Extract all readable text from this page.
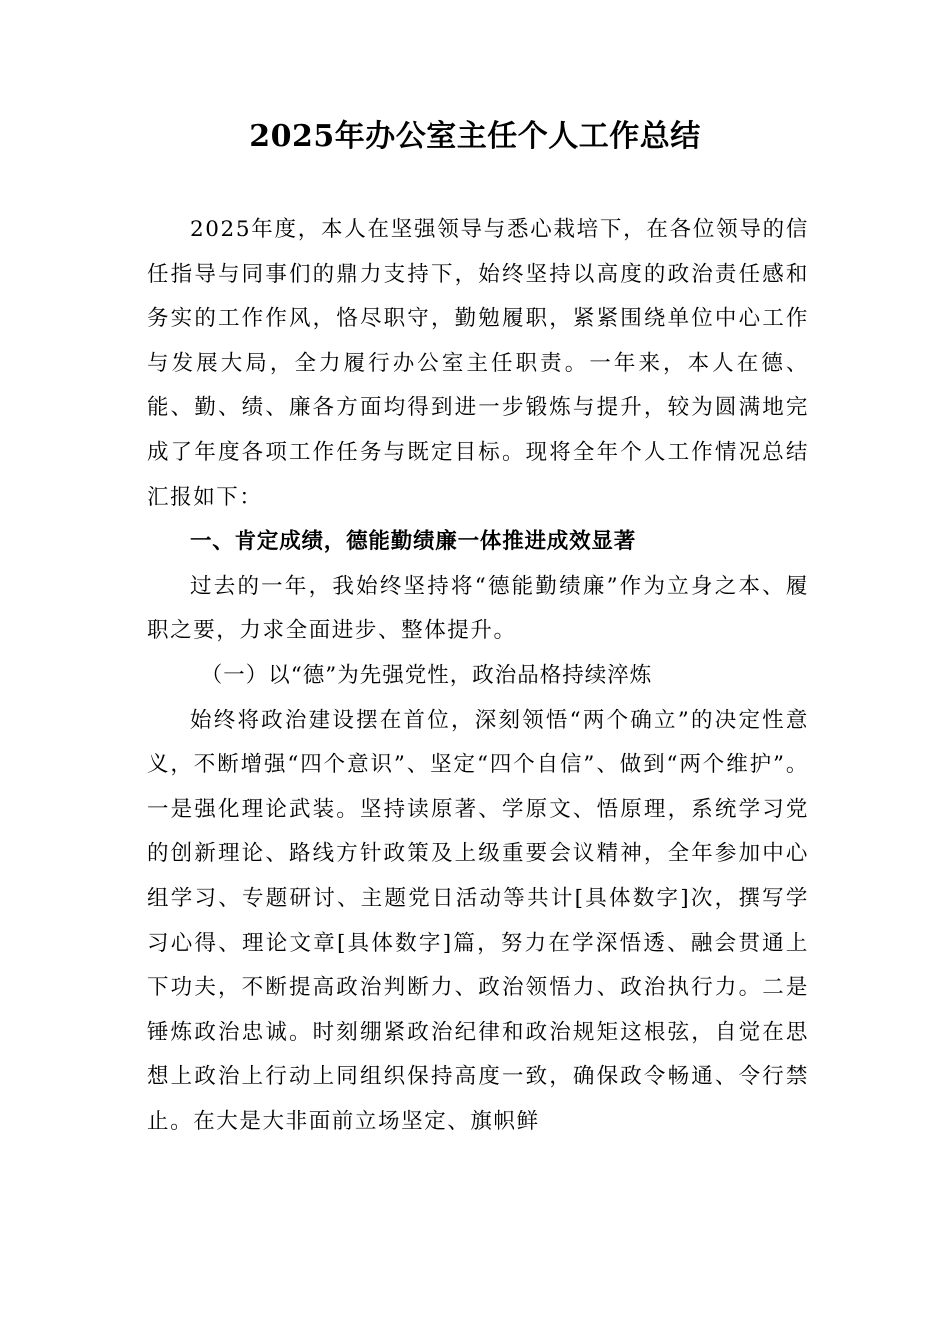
2025年办公室主任个人工作总结

2025年度，本人在坚强领导与悉心栽培下，在各位领导的信任指导与同事们的鼎力支持下，始终坚持以高度的政治责任感和务实的工作作风，恪尽职守，勤勉履职，紧紧围绕单位中心工作与发展大局，全力履行办公室主任职责。一年来，本人在德、能、勤、绩、廉各方面均得到进一步锻炼与提升，较为圆满地完成了年度各项工作任务与既定目标。现将全年个人工作情况总结汇报如下：

一、肯定成绩，德能勤绩廉一体推进成效显著

过去的一年，我始终坚持将“德能勤绩廉”作为立身之本、履职之要，力求全面进步、整体提升。

（一）以“德”为先强党性，政治品格持续淬炼

始终将政治建设摆在首位，深刻领悟“两个确立”的决定性意义，不断增强“四个意识”、坚定“四个自信”、做到“两个维护”。一是强化理论武装。坚持读原著、学原文、悟原理，系统学习党的创新理论、路线方针政策及上级重要会议精神，全年参加中心组学习、专题研讨、主题党日活动等共计[具体数字]次，撰写学习心得、理论文章[具体数字]篇，努力在学深悟透、融会贯通上下功夫，不断提高政治判断力、政治领悟力、政治执行力。二是锤炼政治忠诚。时刻绷紧政治纪律和政治规矩这根弦，自觉在思想上政治上行动上同组织保持高度一致，确保政令畅通、令行禁止。在大是大非面前立场坚定、旗帜鲜
